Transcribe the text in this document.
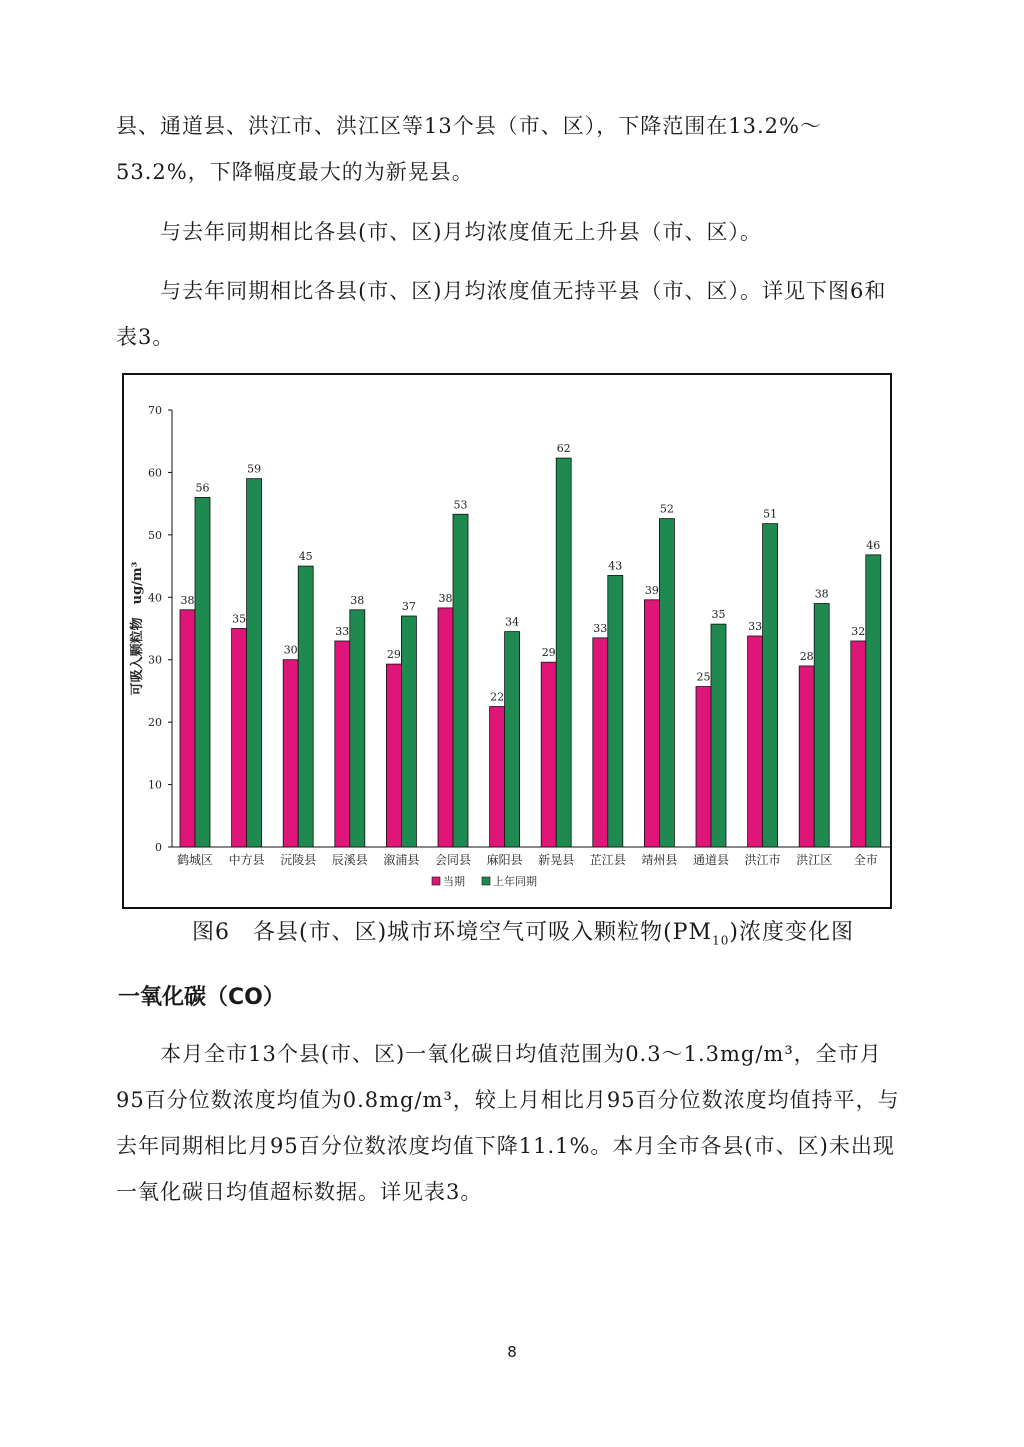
县、通道县、洪江市、洪江区等13个县（市、区），下降范围在13.2%～53.2%，下降幅度最大的为新晃县。

与去年同期相比各县(市、区)月均浓度值无上升县（市、区）。

与去年同期相比各县(市、区)月均浓度值无持平县（市、区）。详见下图6和表3。

0
10
20
30
40
50
60
70
可吸入颗粒物　ug/m³	38
56
鹤城区
35
59
中方县
30
45
沅陵县
33
38
辰溪县
29
37
溆浦县
38
53
会同县
22
34
麻阳县
29
62
新晃县
33
43
芷江县
39
52
靖州县
25
35
通道县
33
51
洪江市
28
38
洪江区
32
46
全市
当期	上年同期
图6　各县(市、区)城市环境空气可吸入颗粒物$(PM_{10})$浓度变化图
一氧化碳（CO）

本月全市13个县(市、区)一氧化碳日均值范围为0.3～1.3mg/m³，全市月95百分位数浓度均值为0.8mg/m³，较上月相比月95百分位数浓度均值持平，与去年同期相比月95百分位数浓度均值下降11.1%。本月全市各县(市、区)未出现一氧化碳日均值超标数据。详见表3。

8
